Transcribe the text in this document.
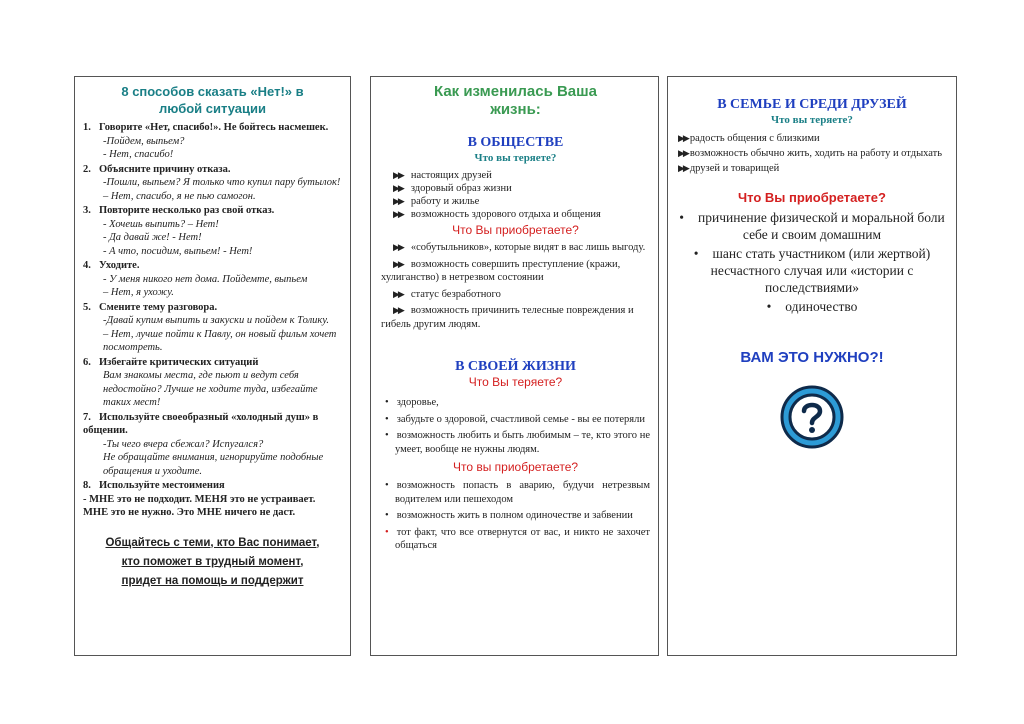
8 способов сказать «Нет!» в
любой ситуации
1. Говорите «Нет, спасибо!». Не бойтесь насмешек.
-Пойдем, выпьем?
- Нет, спасибо!
2. Объясните причину отказа.
-Пошли, выпьем? Я только что купил пару бутылок!
– Нет, спасибо, я не пью самогон.
3. Повторите несколько раз свой отказ.
- Хочешь выпить? – Нет!
- Да давай же! - Нет!
- А что, посидим, выпьем! - Нет!
4. Уходите.
- У меня никого нет дома. Пойдемте, выпьем
– Нет, я ухожу.
5. Смените тему разговора.
-Давай купим выпить и закуски и пойдем к Толику.
– Нет, лучше пойти к Павлу, он новый фильм хочет посмотреть.
6. Избегайте критических ситуаций
Вам знакомы места, где пьют и ведут себя недостойно? Лучше не ходите туда, избегайте таких мест!
7. Используйте своеобразный «холодный душ» в общении.
-Ты чего вчера сбежал? Испугался?
Не обращайте внимания, игнорируйте подобные обращения и уходите.
8. Используйте местоимения
- МНЕ это не подходит. МЕНЯ это не устраивает. МНЕ это не нужно. Это МНЕ ничего не даст.
Общайтесь с теми, кто Вас понимает,
кто поможет в трудный момент,
придет на помощь и поддержит
Как изменилась Ваша
жизнь:
В ОБЩЕСТВЕ
Что вы теряете?
▶▶ настоящих друзей
▶▶ здоровый образ жизни
▶▶ работу и жилье
▶▶ возможность здорового отдыха и общения
Что Вы приобретаете?
▶▶ «собутыльников», которые видят в вас лишь выгоду.
▶▶ возможность совершить преступление (кражи, хулиганство) в нетрезвом состоянии
▶▶ статус безработного
▶▶ возможность причинить телесные повреждения и гибель другим людям.
В СВОЕЙ ЖИЗНИ
Что Вы теряете?
• здоровье,
• забудьте о здоровой, счастливой семье - вы ее потеряли
• возможность любить и быть любимым – те, кто этого не умеет, вообще не нужны людям.
Что вы приобретаете?
• возможность попасть в аварию, будучи нетрезвым водителем или пешеходом
• возможность жить в полном одиночестве и забвении
• тот факт, что все отвернутся от вас, и никто не захочет общаться
В СЕМЬЕ И СРЕДИ ДРУЗЕЙ
Что вы теряете?
▶▶ радость общения с близкими
▶▶ возможность обычно жить, ходить на работу и отдыхать
▶▶ друзей и товарищей
Что Вы приобретаете?
• причинение физической и моральной боли себе и своим домашним
• шанс стать участником (или жертвой) несчастного случая или «истории с последствиями»
• одиночество
ВАМ ЭТО НУЖНО?!
